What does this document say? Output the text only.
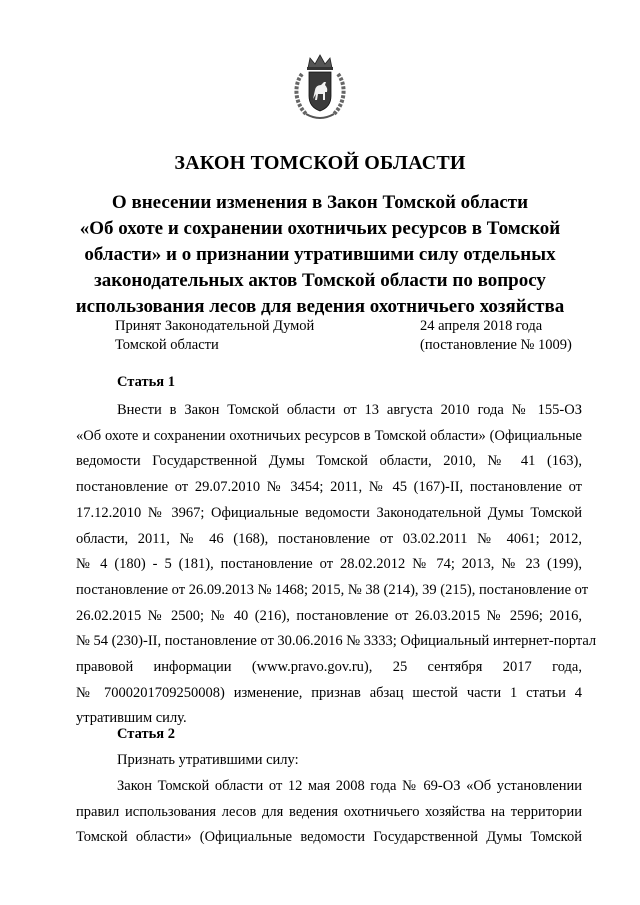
ЗАКОН ТОМСКОЙ ОБЛАСТИ
О внесении изменения в Закон Томской области
«Об охоте и сохранении охотничьих ресурсов в Томской
области» и о признании утратившими силу отдельных
законодательных актов Томской области по вопросу
использования лесов для ведения охотничьего хозяйства
Принят Законодательной Думой
Томской области
24 апреля 2018 года
(постановление № 1009)
Статья 1
Внести в Закон Томской области от 13 августа 2010 года № 155-ОЗ
«Об охоте и сохранении охотничьих ресурсов в Томской области» (Официальные
ведомости Государственной Думы Томской области, 2010, № 41 (163),
постановление от 29.07.2010 № 3454; 2011, № 45 (167)-II, постановление от
17.12.2010 № 3967; Официальные ведомости Законодательной Думы Томской
области, 2011, № 46 (168), постановление от 03.02.2011 № 4061; 2012,
№ 4 (180) - 5 (181), постановление от 28.02.2012 № 74; 2013, № 23 (199),
постановление от 26.09.2013 № 1468; 2015, № 38 (214), 39 (215), постановление от
26.02.2015 № 2500; № 40 (216), постановление от 26.03.2015 № 2596; 2016,
№ 54 (230)-II, постановление от 30.06.2016 № 3333; Официальный интернет-портал
правовой информации (www.pravo.gov.ru), 25 сентября 2017 года,
№ 7000201709250008) изменение, признав абзац шестой части 1 статьи 4
утратившим силу.
Статья 2
Признать утратившими силу:
Закон Томской области от 12 мая 2008 года № 69-ОЗ «Об установлении
правил использования лесов для ведения охотничьего хозяйства на территории
Томской области» (Официальные ведомости Государственной Думы Томской
